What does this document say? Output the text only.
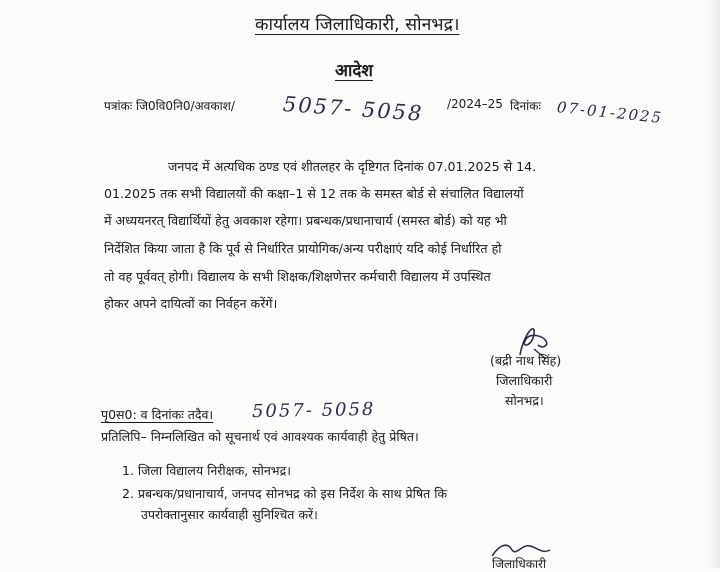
कार्यालय जिलाधिकारी, सोनभद्र।
आदेश
पत्रांकः जि0वि0नि0/अवकाश/ 5057- 5058 /2024–25 दिनांकः 07-01-2025
जनपद में अत्यधिक ठण्ड एवं शीतलहर के दृष्टिगत दिनांक 07.01.2025 से 14.
01.2025 तक सभी विद्यालयों की कक्षा–1 से 12 तक के समस्त बोर्ड से संचालित विद्यालयों
में अध्ययनरत् विद्यार्थियों हेतु अवकाश रहेगा। प्रबन्धक/प्रधानाचार्य (समस्त बोर्ड) को यह भी
निर्देशित किया जाता है कि पूर्व से निर्धारित प्रायोगिक/अन्य परीक्षाएं यदि कोई निर्धारित हो
तो वह पूर्ववत् होगी। विद्यालय के सभी शिक्षक/शिक्षणेत्तर कर्मचारी विद्यालय में उपस्थित
होकर अपने दायित्वों का निर्वहन करेंगें।
(बद्री नाथ सिंह)
जिलाधिकारी
सोनभद्र।
पृ0स0: व दिनांकः तदैव। 5057- 5058
प्रतिलिपि– निम्नलिखित को सूचनार्थ एवं आवश्यक कार्यवाही हेतु प्रेषित।
1. जिला विद्यालय निरीक्षक, सोनभद्र।
2. प्रबन्धक/प्रधानाचार्य, जनपद सोनभद्र को इस निर्देश के साथ प्रेषित कि
उपरोक्तानुसार कार्यवाही सुनिश्चित करें।
जिलाधिकारी
